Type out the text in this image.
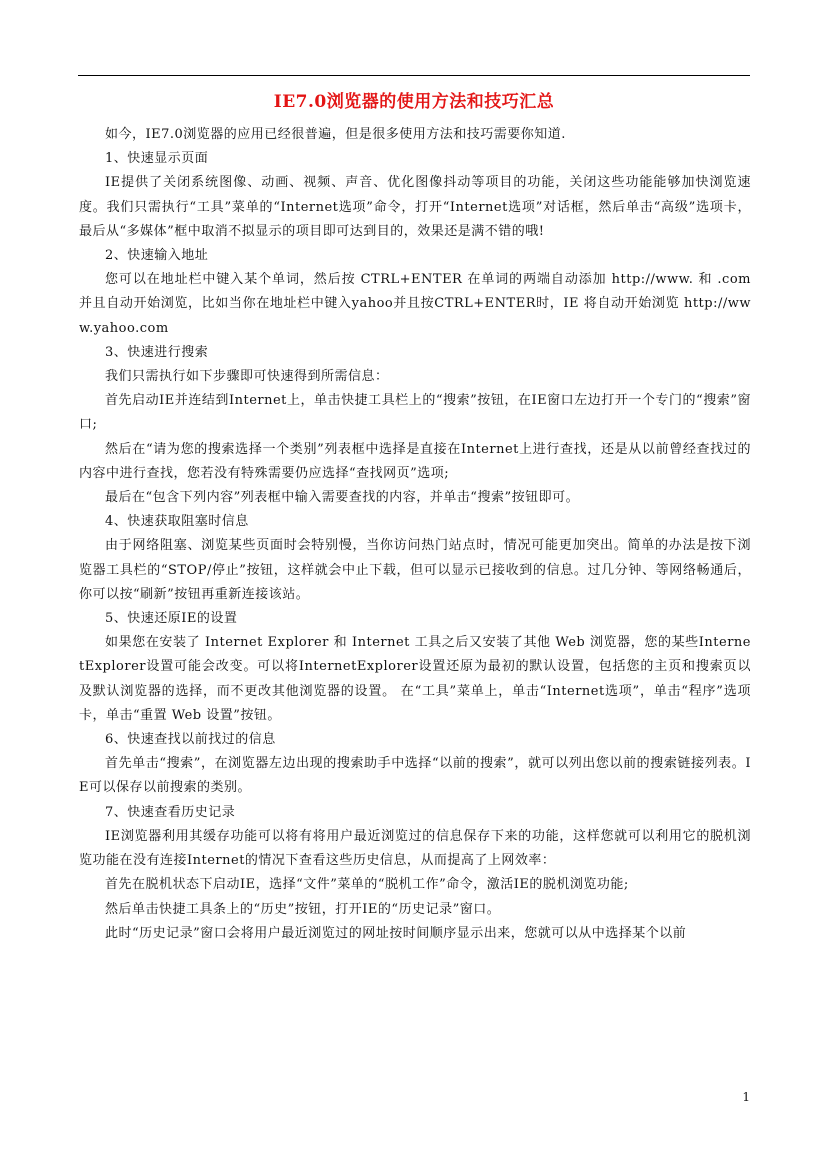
IE7.0浏览器的使用方法和技巧汇总

如今，IE7.0浏览器的应用已经很普遍，但是很多使用方法和技巧需要你知道.

1、快速显示页面

IE提供了关闭系统图像、动画、视频、声音、优化图像抖动等项目的功能，关闭这些功能能够加快浏览速度。我们只需执行“工具”菜单的“Internet选项”命令，打开“Internet选项”对话框，然后单击“高级”选项卡，最后从“多媒体”框中取消不拟显示的项目即可达到目的，效果还是满不错的哦!

2、快速输入地址

您可以在地址栏中键入某个单词，然后按 CTRL+ENTER 在单词的两端自动添加 http://www. 和 .com 并且自动开始浏览，比如当你在地址栏中键入yahoo并且按CTRL+ENTER时，IE 将自动开始浏览 http://www.yahoo.com

3、快速进行搜索

我们只需执行如下步骤即可快速得到所需信息：

首先启动IE并连结到Internet上，单击快捷工具栏上的“搜索”按钮，在IE窗口左边打开一个专门的“搜索”窗口;

然后在“请为您的搜索选择一个类别”列表框中选择是直接在Internet上进行查找，还是从以前曾经查找过的内容中进行查找，您若没有特殊需要仍应选择“查找网页”选项;

最后在“包含下列内容”列表框中输入需要查找的内容，并单击“搜索”按钮即可。

4、快速获取阻塞时信息

由于网络阻塞、浏览某些页面时会特别慢，当你访问热门站点时，情况可能更加突出。简单的办法是按下浏览器工具栏的“STOP/停止”按钮，这样就会中止下载，但可以显示已接收到的信息。过几分钟、等网络畅通后，你可以按“刷新”按钮再重新连接该站。

5、快速还原IE的设置

如果您在安装了 Internet Explorer 和 Internet 工具之后又安装了其他 Web 浏览器，您的某些InternetExplorer设置可能会改变。可以将InternetExplorer设置还原为最初的默认设置，包括您的主页和搜索页以及默认浏览器的选择，而不更改其他浏览器的设置。 在“工具”菜单上，单击“Internet选项”，单击“程序”选项卡，单击“重置 Web 设置”按钮。

6、快速查找以前找过的信息

首先单击“搜索”，在浏览器左边出现的搜索助手中选择“以前的搜索”，就可以列出您以前的搜索链接列表。IE可以保存以前搜索的类别。

7、快速查看历史记录

IE浏览器利用其缓存功能可以将有将用户最近浏览过的信息保存下来的功能，这样您就可以利用它的脱机浏览功能在没有连接Internet的情况下查看这些历史信息，从而提高了上网效率：

首先在脱机状态下启动IE，选择“文件”菜单的“脱机工作”命令，激活IE的脱机浏览功能;

然后单击快捷工具条上的“历史”按钮，打开IE的“历史记录”窗口。

此时“历史记录”窗口会将用户最近浏览过的网址按时间顺序显示出来，您就可以从中选择某个以前

1
